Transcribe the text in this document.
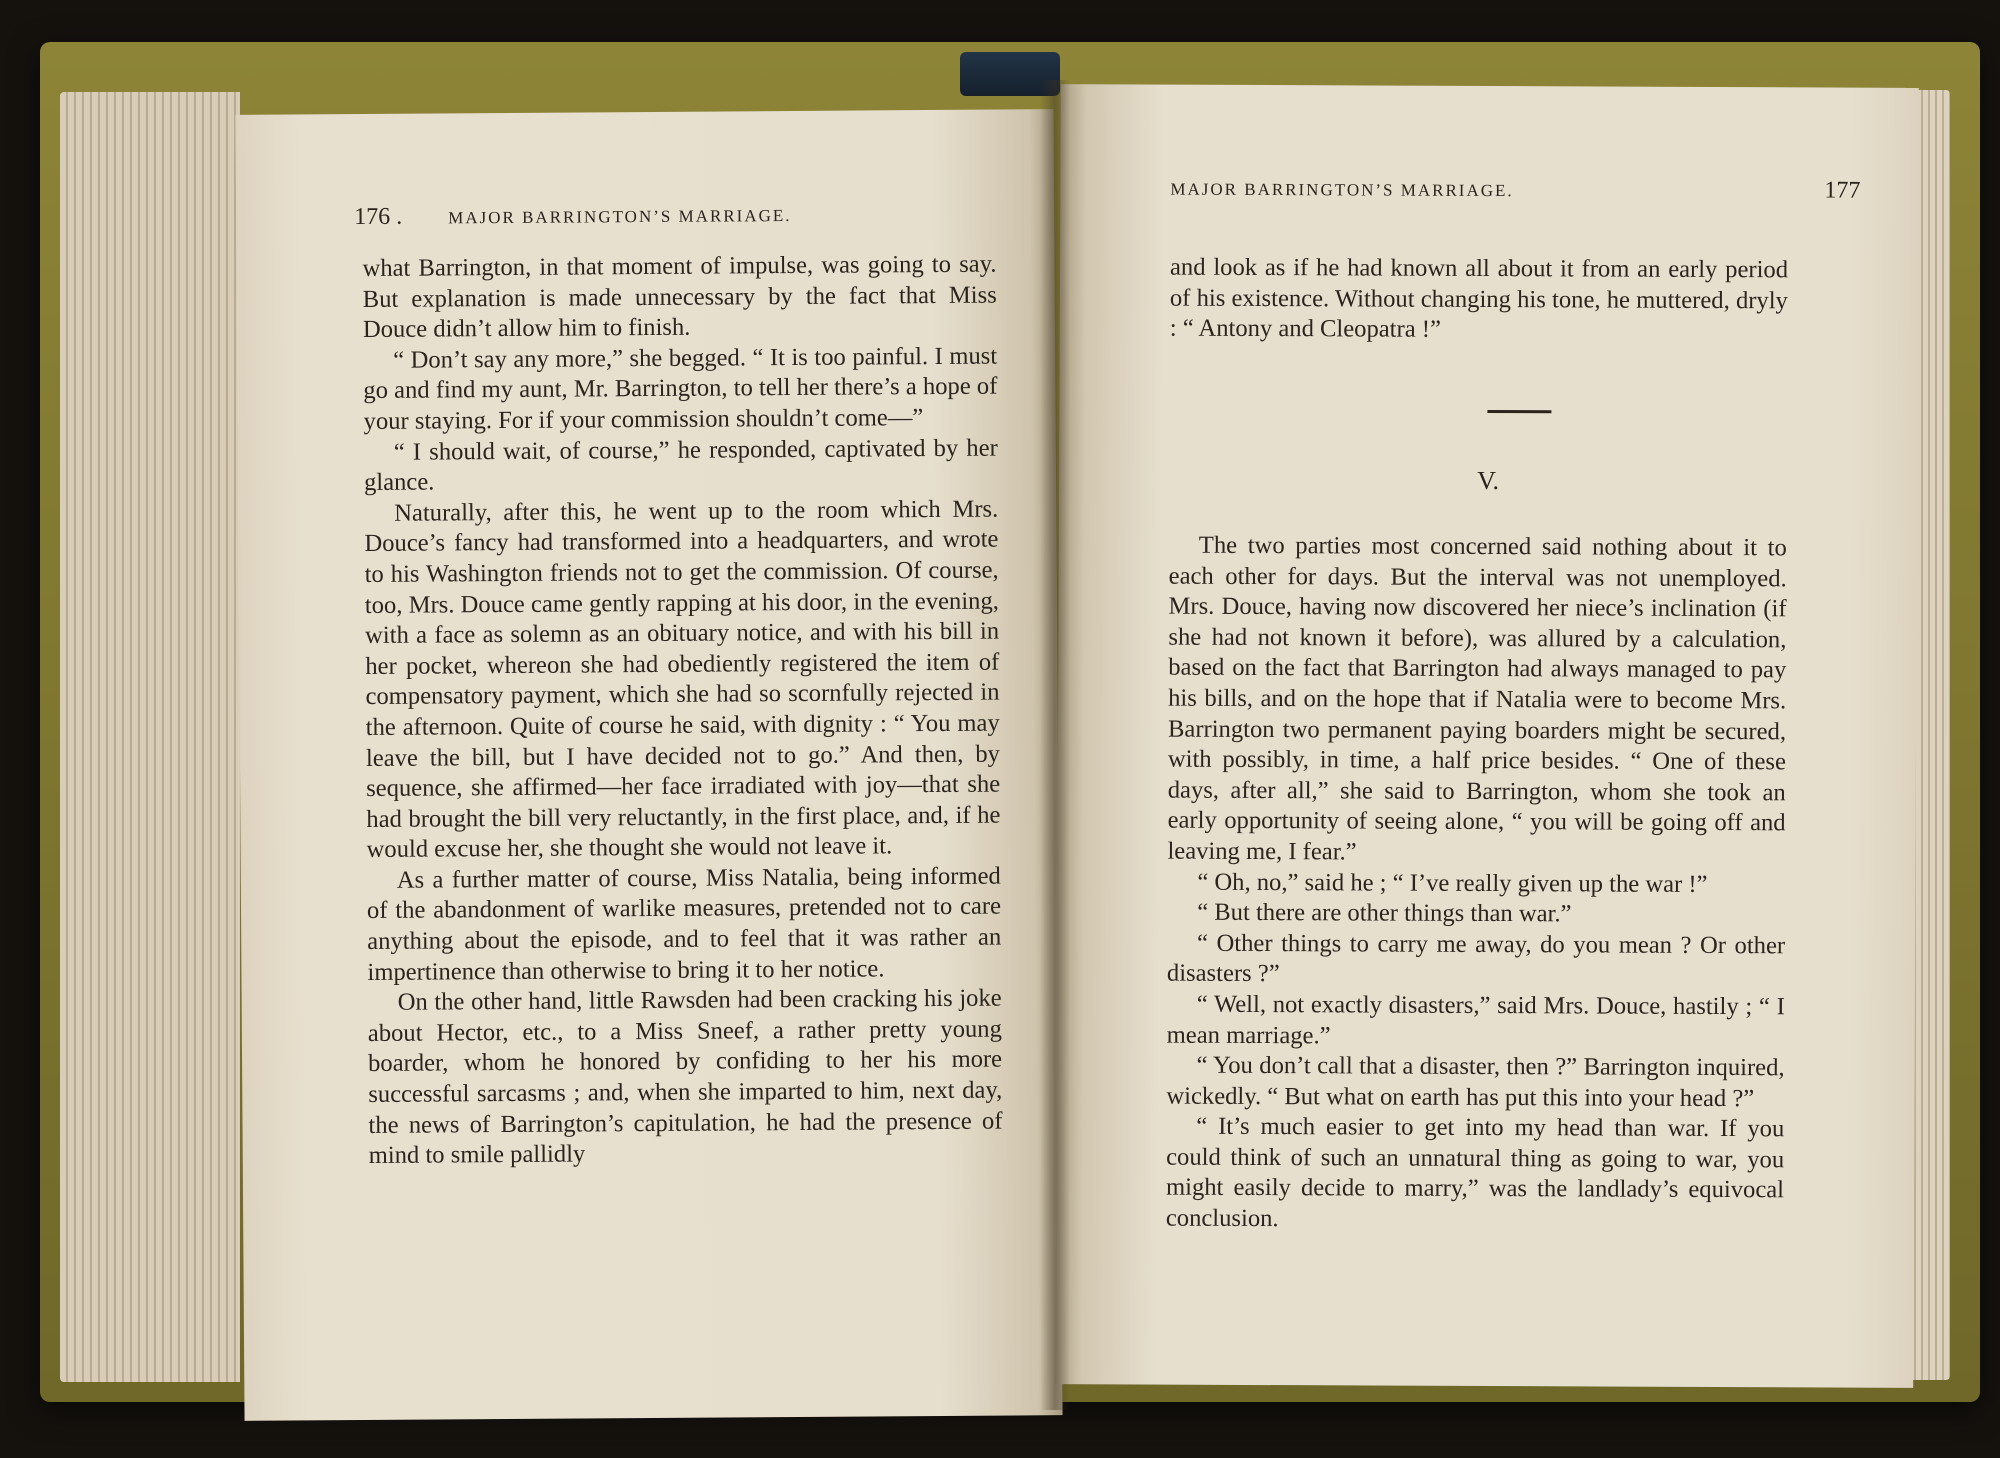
176 .	MAJOR BARRINGTON’S MARRIAGE.

what Barrington, in that moment of impulse, was going to say. But explanation is made unnecessary by the fact that Miss Douce didn’t allow him to finish.

“ Don’t say any more,” she begged. “ It is too painful. I must go and find my aunt, Mr. Barrington, to tell her there’s a hope of your staying. For if your commission shouldn’t come—”

“ I should wait, of course,” he responded, captivated by her glance.

Naturally, after this, he went up to the room which Mrs. Douce’s fancy had transformed into a headquarters, and wrote to his Washington friends not to get the commission. Of course, too, Mrs. Douce came gently rapping at his door, in the evening, with a face as solemn as an obituary notice, and with his bill in her pocket, whereon she had obediently registered the item of compensatory payment, which she had so scornfully rejected in the afternoon. Quite of course he said, with dignity : “ You may leave the bill, but I have decided not to go.” And then, by sequence, she affirmed—her face irradiated with joy—that she had brought the bill very reluctantly, in the first place, and, if he would excuse her, she thought she would not leave it.

As a further matter of course, Miss Natalia, being informed of the abandonment of warlike measures, pretended not to care anything about the episode, and to feel that it was rather an impertinence than otherwise to bring it to her notice.

On the other hand, little Rawsden had been cracking his joke about Hector, etc., to a Miss Sneef, a rather pretty young boarder, whom he honored by confiding to her his more successful sarcasms ; and, when she imparted to him, next day, the news of Barrington’s capitulation, he had the presence of mind to smile pallidly

MAJOR BARRINGTON’S MARRIAGE.	177

and look as if he had known all about it from an early period of his existence. Without changing his tone, he muttered, dryly : “ Antony and Cleopatra !”

V.

The two parties most concerned said nothing about it to each other for days. But the interval was not unemployed. Mrs. Douce, having now discovered her niece’s inclination (if she had not known it before), was allured by a calculation, based on the fact that Barrington had always managed to pay his bills, and on the hope that if Natalia were to become Mrs. Barrington two permanent paying boarders might be secured, with possibly, in time, a half price besides. “ One of these days, after all,” she said to Barrington, whom she took an early opportunity of seeing alone, “ you will be going off and leaving me, I fear.”

“ Oh, no,” said he ; “ I’ve really given up the war !”

“ But there are other things than war.”

“ Other things to carry me away, do you mean ? Or other disasters ?”

“ Well, not exactly disasters,” said Mrs. Douce, hastily ; “ I mean marriage.”

“ You don’t call that a disaster, then ?” Barrington inquired, wickedly. “ But what on earth has put this into your head ?”

“ It’s much easier to get into my head than war. If you could think of such an unnatural thing as going to war, you might easily decide to marry,” was the landlady’s equivocal conclusion.
